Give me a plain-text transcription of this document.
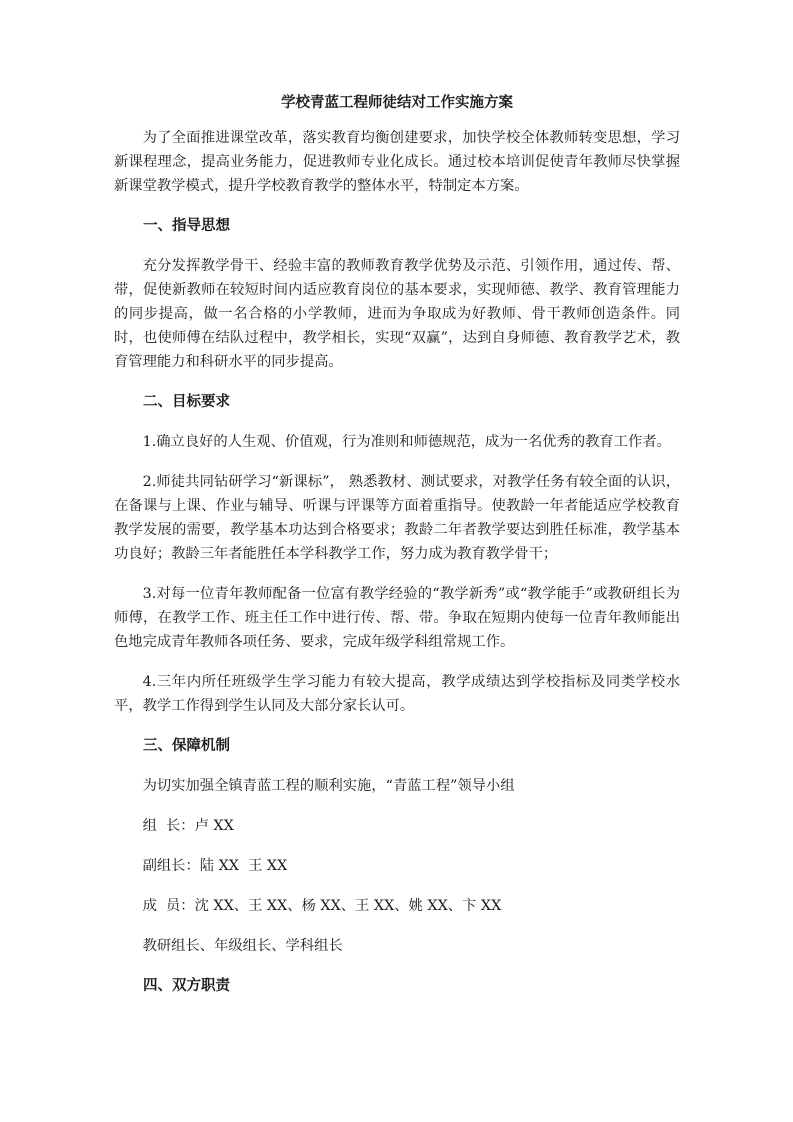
学校青蓝工程师徒结对工作实施方案

为了全面推进课堂改革，落实教育均衡创建要求，加快学校全体教师转变思想，学习新课程理念，提高业务能力，促进教师专业化成长。通过校本培训促使青年教师尽快掌握新课堂教学模式，提升学校教育教学的整体水平，特制定本方案。

一、指导思想

充分发挥教学骨干、经验丰富的教师教育教学优势及示范、引领作用，通过传、帮、带，促使新教师在较短时间内适应教育岗位的基本要求，实现师德、教学、教育管理能力的同步提高，做一名合格的小学教师，进而为争取成为好教师、骨干教师创造条件。同时，也使师傅在结队过程中，教学相长，实现“双赢”，达到自身师德、教育教学艺术，教育管理能力和科研水平的同步提高。

二、目标要求

1.确立良好的人生观、价值观，行为准则和师德规范，成为一名优秀的教育工作者。

2.师徒共同钻研学习“新课标”， 熟悉教材、测试要求，对教学任务有较全面的认识，在备课与上课、作业与辅导、听课与评课等方面着重指导。使教龄一年者能适应学校教育教学发展的需要，教学基本功达到合格要求；教龄二年者教学要达到胜任标准，教学基本功良好；教龄三年者能胜任本学科教学工作，努力成为教育教学骨干；

3.对每一位青年教师配备一位富有教学经验的“教学新秀”或“教学能手”或教研组长为师傅，在教学工作、班主任工作中进行传、帮、带。争取在短期内使每一位青年教师能出色地完成青年教师各项任务、要求，完成年级学科组常规工作。

4.三年内所任班级学生学习能力有较大提高，教学成绩达到学校指标及同类学校水平，教学工作得到学生认同及大部分家长认可。

三、保障机制

为切实加强全镇青蓝工程的顺利实施，“青蓝工程”领导小组

组  长：卢 XX

副组长：陆 XX  王 XX

成  员：沈 XX、王 XX、杨 XX、王 XX、姚 XX、卞 XX

教研组长、年级组长、学科组长

四、双方职责
